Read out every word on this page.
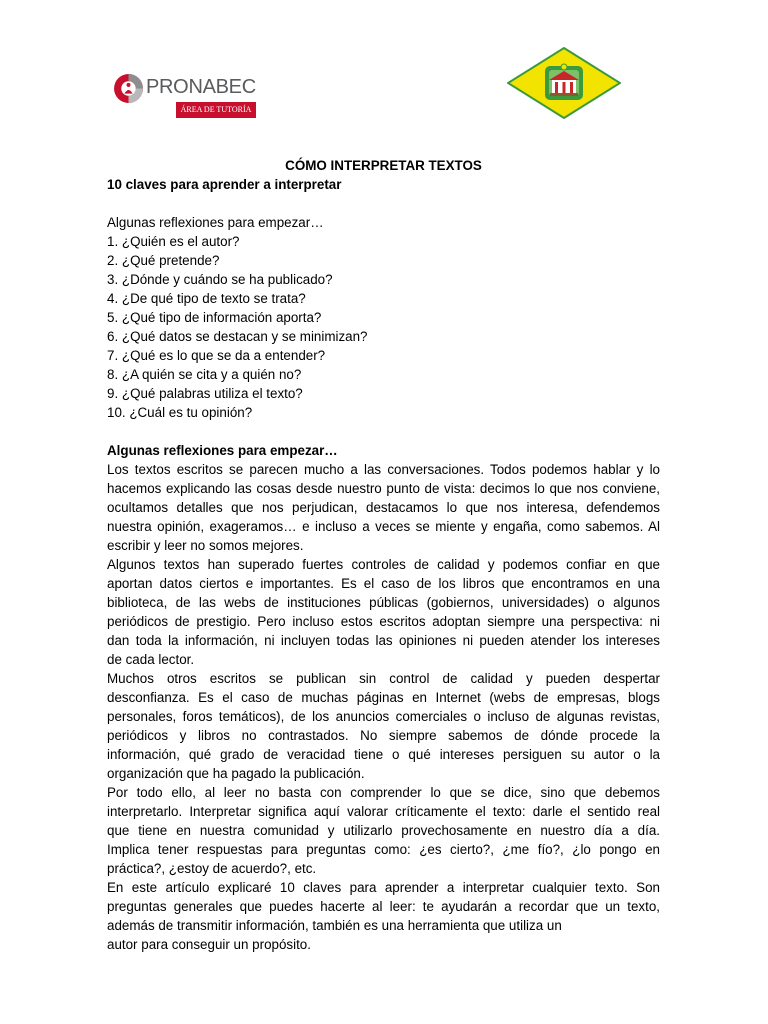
PRONABEC
ÁREA DE TUTORÍA
CÓMO INTERPRETAR TEXTOS
10 claves para aprender a interpretar
Algunas reflexiones para empezar…
1. ¿Quién es el autor?
2. ¿Qué pretende?
3. ¿Dónde y cuándo se ha publicado?
4. ¿De qué tipo de texto se trata?
5. ¿Qué tipo de información aporta?
6. ¿Qué datos se destacan y se minimizan?
7. ¿Qué es lo que se da a entender?
8. ¿A quién se cita y a quién no?
9. ¿Qué palabras utiliza el texto?
10. ¿Cuál es tu opinión?
Algunas reflexiones para empezar…
Los textos escritos se parecen mucho a las conversaciones. Todos podemos hablar y lo
hacemos explicando las cosas desde nuestro punto de vista: decimos lo que nos conviene,
ocultamos detalles que nos perjudican, destacamos lo que nos interesa, defendemos
nuestra opinión, exageramos… e incluso a veces se miente y engaña, como sabemos. Al
escribir y leer no somos mejores.
Algunos textos han superado fuertes controles de calidad y podemos confiar en que
aportan datos ciertos e importantes. Es el caso de los libros que encontramos en una
biblioteca, de las webs de instituciones públicas (gobiernos, universidades) o algunos
periódicos de prestigio. Pero incluso estos escritos adoptan siempre una perspectiva: ni
dan toda la información, ni incluyen todas las opiniones ni pueden atender los intereses
de cada lector.
Muchos otros escritos se publican sin control de calidad y pueden despertar
desconfianza. Es el caso de muchas páginas en Internet (webs de empresas, blogs
personales, foros temáticos), de los anuncios comerciales o incluso de algunas revistas,
periódicos y libros no contrastados. No siempre sabemos de dónde procede la
información, qué grado de veracidad tiene o qué intereses persiguen su autor o la
organización que ha pagado la publicación.
Por todo ello, al leer no basta con comprender lo que se dice, sino que debemos
interpretarlo. Interpretar significa aquí valorar críticamente el texto: darle el sentido real
que tiene en nuestra comunidad y utilizarlo provechosamente en nuestro día a día.
Implica tener respuestas para preguntas como: ¿es cierto?, ¿me fío?, ¿lo pongo en
práctica?, ¿estoy de acuerdo?, etc.
En este artículo explicaré 10 claves para aprender a interpretar cualquier texto. Son
preguntas generales que puedes hacerte al leer: te ayudarán a recordar que un texto,
además de transmitir información, también es una herramienta que utiliza un
autor para conseguir un propósito.
